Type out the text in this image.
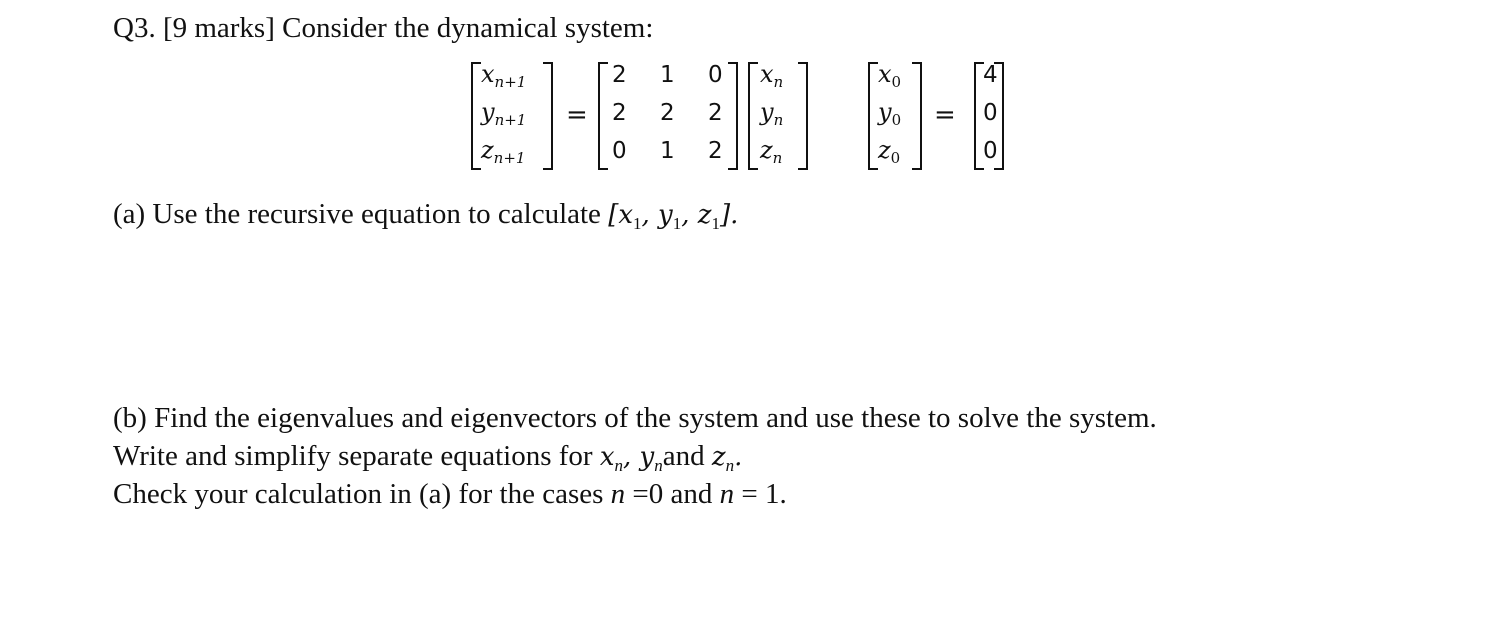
Q3. [9 marks] Consider the dynamical system:
$x_{n+1}$
$y_{n+1}$
$z_{n+1}$
=
2 1 0
2 2 2
0 1 2
$x_n$
$y_n$
$z_n$
$x_0$
$y_0$
$z_0$
=
4
0
0
(a) Use the recursive equation to calculate [$x_1$, $y_1$, $z_1$].
(b) Find the eigenvalues and eigenvectors of the system and use these to solve the system.
Write and simplify separate equations for $x_n$, $y_nand$ $z_n$.
Check your calculation in (a) for the cases n =0 and n = 1.
